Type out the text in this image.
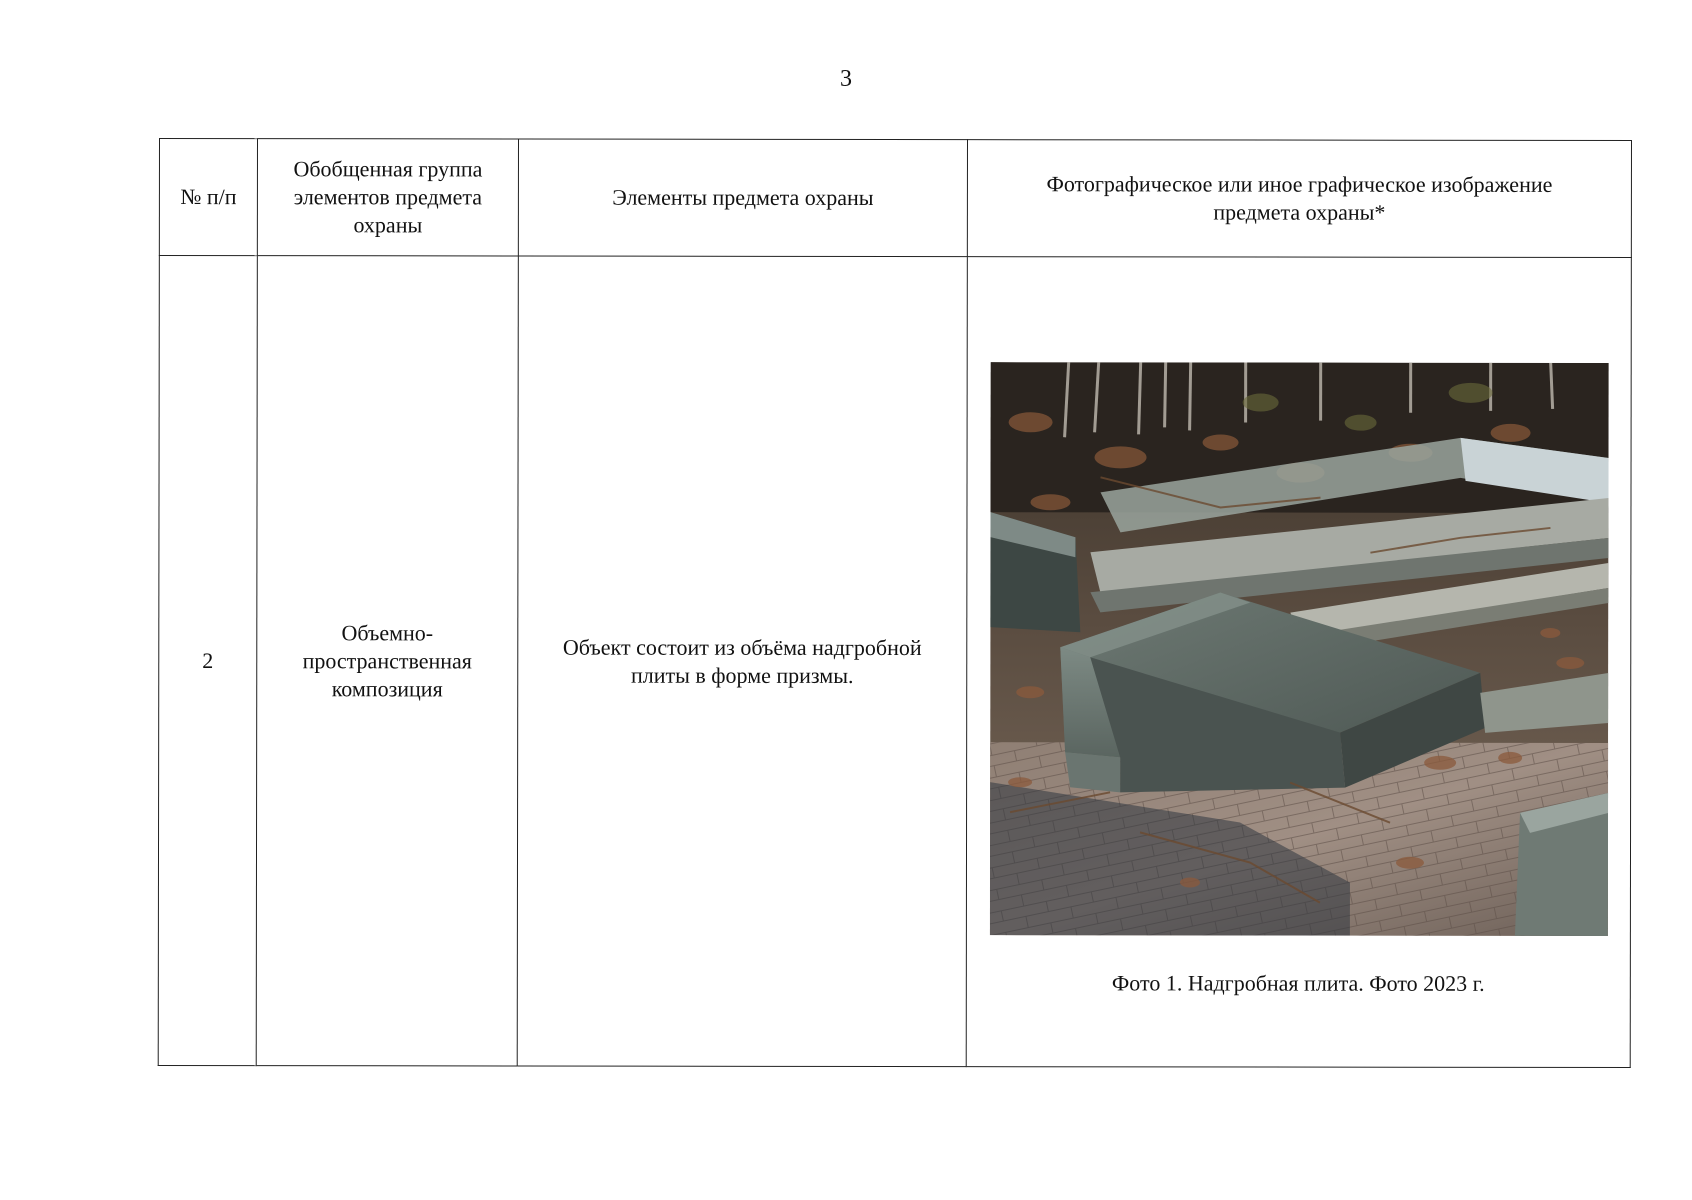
3
№ п/п	Обобщенная группа элементов предмета охраны	Элементы предмета охраны	Фотографическое или иное графическое изображение предмета охраны*
2	Объемно-пространственная композиция	Объект состоит из объёма надгробной плиты в форме призмы.	Фото 1. Надгробная плита. Фото 2023 г.
